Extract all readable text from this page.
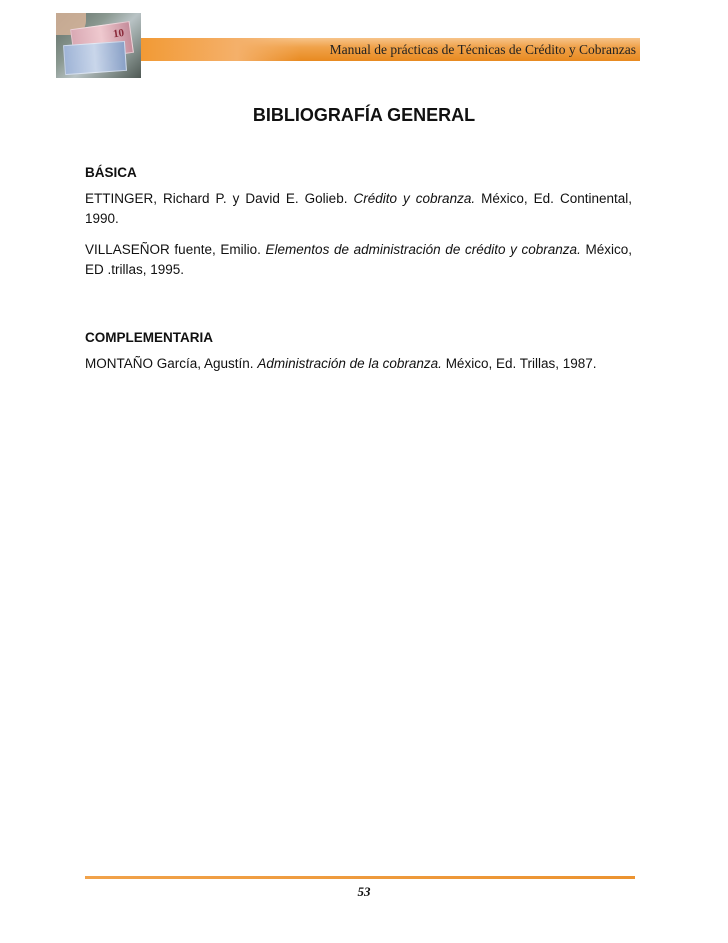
10
Manual de prácticas de Técnicas de Crédito y Cobranzas
BIBLIOGRAFÍA GENERAL
BÁSICA

ETTINGER, Richard P. y David E. Golieb. Crédito y cobranza. México, Ed. Continental, 1990.

VILLASEÑOR fuente, Emilio. Elementos de administración de crédito y cobranza. México, ED .trillas, 1995.

COMPLEMENTARIA

MONTAÑO García, Agustín. Administración de la cobranza. México, Ed. Trillas, 1987.

53
